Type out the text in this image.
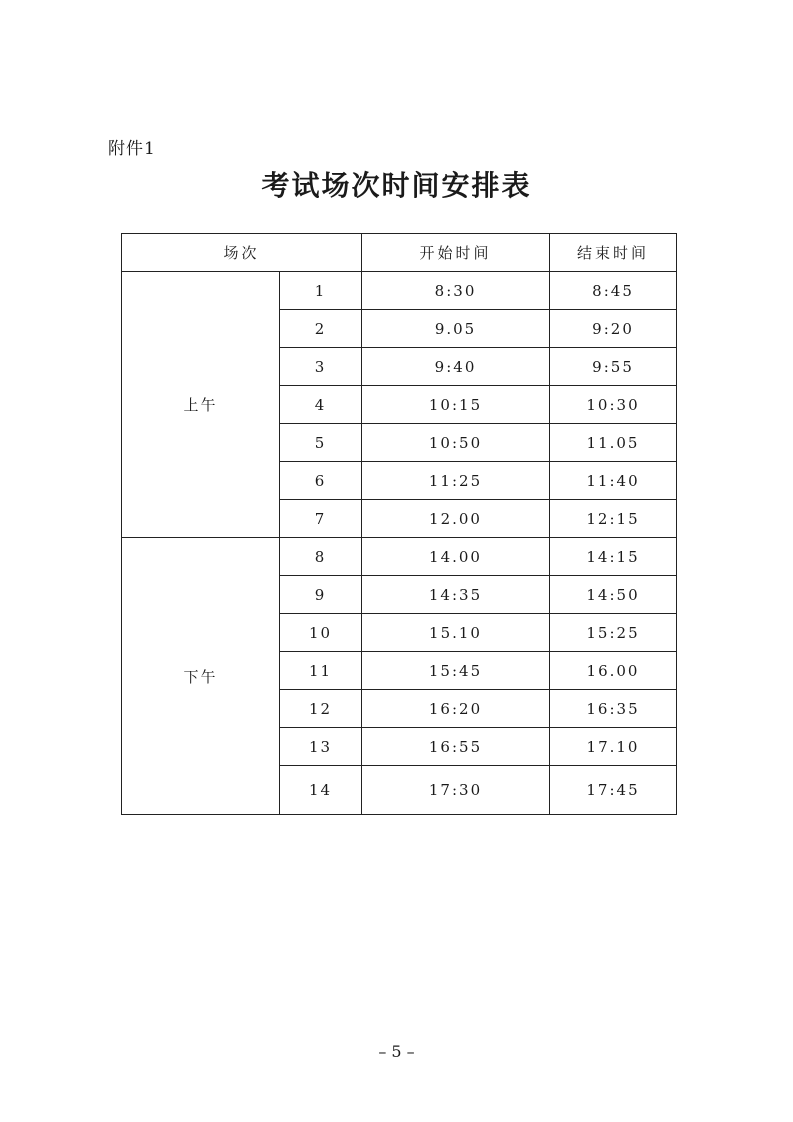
附件1
考试场次时间安排表
场次		开始时间	结束时间
上午	1	8:30	8:45
	2	9.05	9:20
	3	9:40	9:55
	4	10:15	10:30
	5	10:50	11.05
	6	11:25	11:40
	7	12.00	12:15
下午	8	14.00	14:15
	9	14:35	14:50
	10	15.10	15:25
	11	15:45	16.00
	12	16:20	16:35
	13	16:55	17.10
	14	17:30	17:45
– 5 –
